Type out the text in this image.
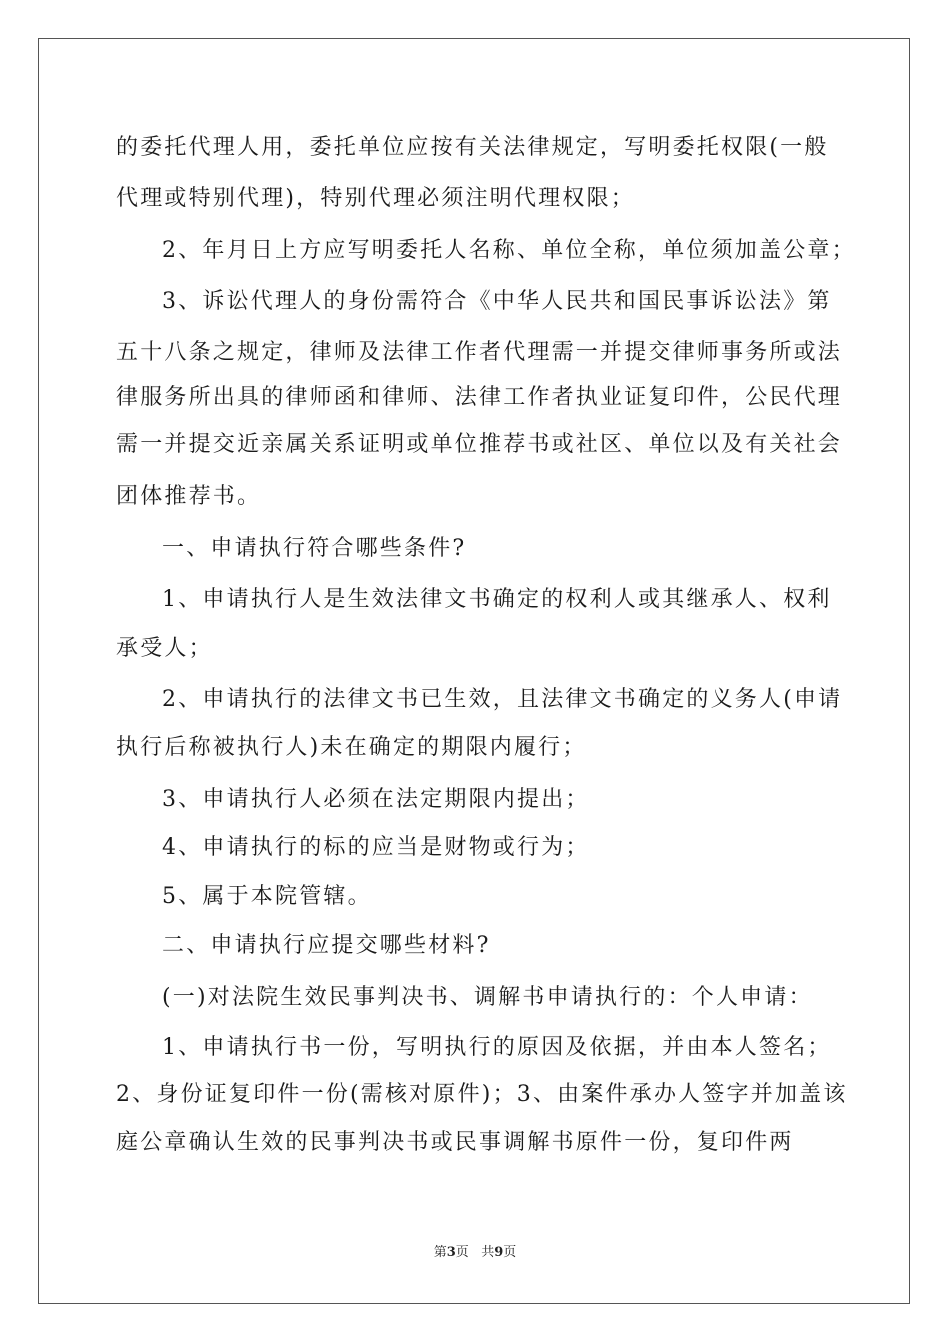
的委托代理人用，委托单位应按有关法律规定，写明委托权限(一般
代理或特别代理)，特别代理必须注明代理权限；
2、年月日上方应写明委托人名称、单位全称，单位须加盖公章；
3、诉讼代理人的身份需符合《中华人民共和国民事诉讼法》第
五十八条之规定，律师及法律工作者代理需一并提交律师事务所或法
律服务所出具的律师函和律师、法律工作者执业证复印件，公民代理
需一并提交近亲属关系证明或单位推荐书或社区、单位以及有关社会
团体推荐书。
一、申请执行符合哪些条件?
1、申请执行人是生效法律文书确定的权利人或其继承人、权利
承受人；
2、申请执行的法律文书已生效，且法律文书确定的义务人(申请
执行后称被执行人)未在确定的期限内履行；
3、申请执行人必须在法定期限内提出；
4、申请执行的标的应当是财物或行为；
5、属于本院管辖。
二、申请执行应提交哪些材料?
(一)对法院生效民事判决书、调解书申请执行的：个人申请：
1、申请执行书一份，写明执行的原因及依据，并由本人签名；
2、身份证复印件一份(需核对原件)；3、由案件承办人签字并加盖该
庭公章确认生效的民事判决书或民事调解书原件一份，复印件两
第3页 共9页
